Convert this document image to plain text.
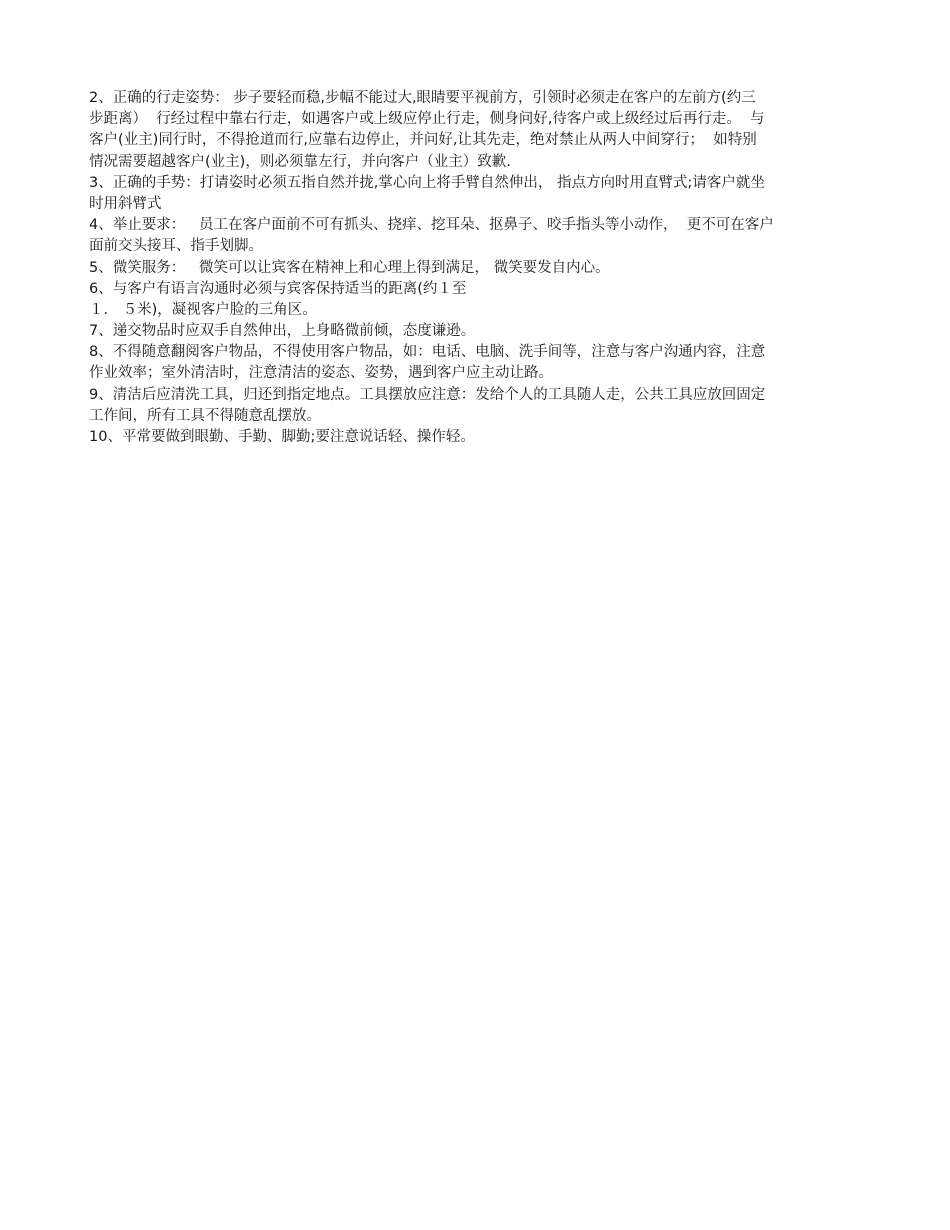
2、正确的行走姿势： 步子要轻而稳,步幅不能过大,眼睛要平视前方，引领时必须走在客户的左前方(约三
步距离）  行经过程中靠右行走，如遇客户或上级应停止行走，侧身问好,待客户或上级经过后再行走。  与
客户(业主)同行时，不得抢道而行,应靠右边停止，并问好,让其先走，绝对禁止从两人中间穿行；  如特别
情况需要超越客户(业主)，则必须靠左行，并向客户（业主）致歉.
3、正确的手势：打请姿时必须五指自然并拢,掌心向上将手臂自然伸出， 指点方向时用直臂式;请客户就坐
时用斜臂式
4、举止要求：   员工在客户面前不可有抓头、挠痒、挖耳朵、抠鼻子、咬手指头等小动作，  更不可在客户
面前交头接耳、指手划脚。
5、微笑服务：   微笑可以让宾客在精神上和心理上得到满足， 微笑要发自内心。
6、与客户有语言沟通时必须与宾客保持适当的距离(约１至
１． ５米)，凝视客户脸的三角区。
7、递交物品时应双手自然伸出，上身略微前倾，态度谦逊。
8、不得随意翻阅客户物品，不得使用客户物品，如：电话、电脑、洗手间等，注意与客户沟通内容，注意
作业效率；室外清洁时，注意清洁的姿态、姿势，遇到客户应主动让路。
9、清洁后应清洗工具，归还到指定地点。工具摆放应注意：发给个人的工具随人走，公共工具应放回固定
工作间，所有工具不得随意乱摆放。
10、平常要做到眼勤、手勤、脚勤;要注意说话轻、操作轻。
